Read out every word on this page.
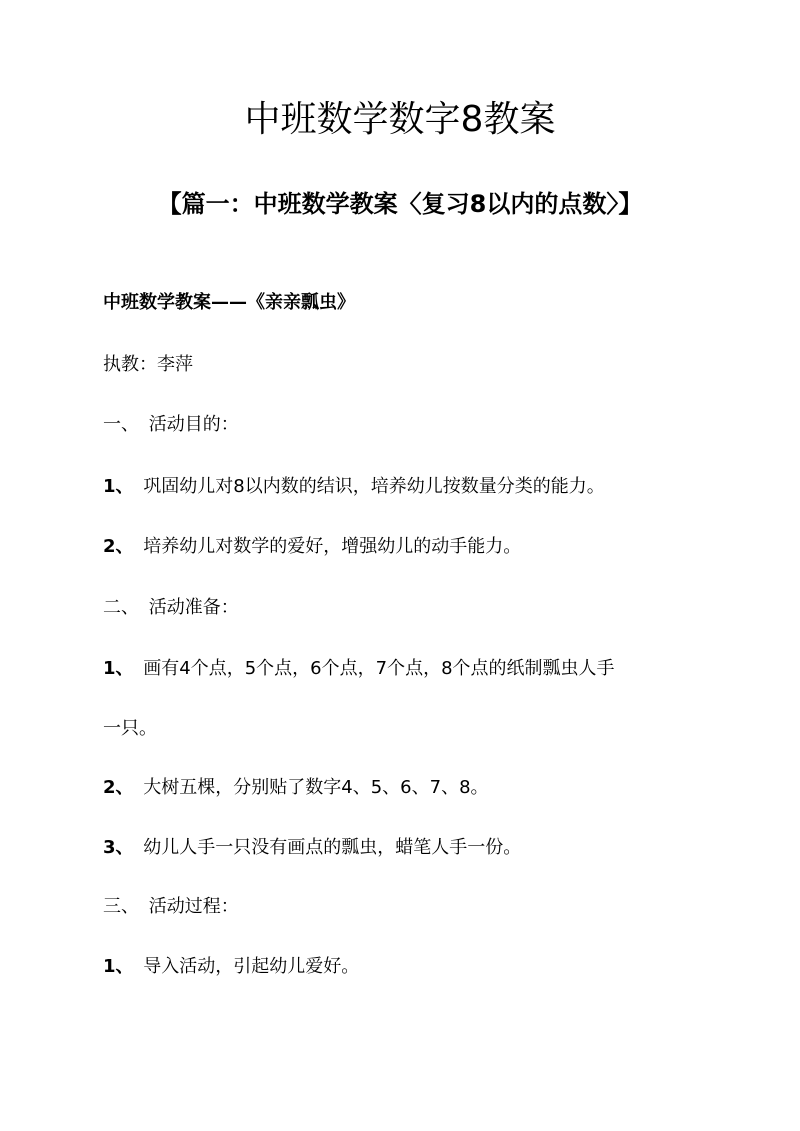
中班数学数字8教案
【篇一：中班数学教案〈复习8以内的点数〉】

中班数学教案——《亲亲瓢虫》

执教：李萍

一、 活动目的：

1、 巩固幼儿对8以内数的结识，培养幼儿按数量分类的能力。

2、 培养幼儿对数学的爱好，增强幼儿的动手能力。

二、 活动准备：

1、 画有4个点，5个点，6个点，7个点，8个点的纸制瓢虫人手

一只。

2、 大树五棵，分别贴了数字4、5、6、7、8。

3、 幼儿人手一只没有画点的瓢虫，蜡笔人手一份。

三、 活动过程：

1、 导入活动，引起幼儿爱好。
